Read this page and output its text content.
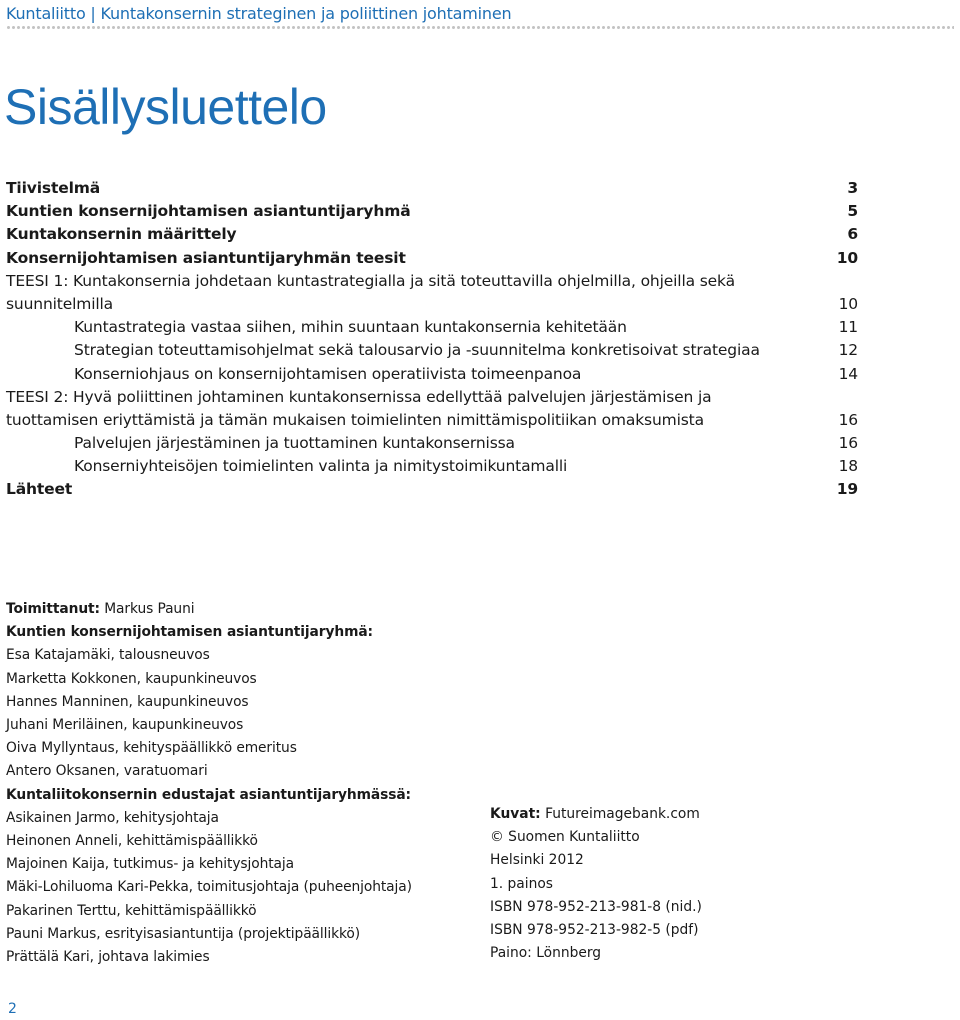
Kuntaliitto | Kuntakonsernin strateginen ja poliittinen johtaminen
Sisällysluettelo
Tiivistelmä	3
Kuntien konsernijohtamisen asiantuntijaryhmä	5
Kuntakonsernin määrittely	6
Konsernijohtamisen asiantuntijaryhmän teesit	10
TEESI 1: Kuntakonsernia johdetaan kuntastrategialla ja sitä toteuttavilla ohjelmilla, ohjeilla sekä suunnitelmilla	10
Kuntastrategia vastaa siihen, mihin suuntaan kuntakonsernia kehitetään	11
Strategian toteuttamisohjelmat sekä talousarvio ja -suunnitelma konkretisoivat strategiaa	12
Konserniohjaus on konsernijohtamisen operatiivista toimeenpanoa	14
TEESI 2: Hyvä poliittinen johtaminen kuntakonsernissa edellyttää palvelujen järjestämisen ja tuottamisen eriyttämistä ja tämän mukaisen toimielinten nimittämispolitiikan omaksumista	16
Palvelujen järjestäminen ja tuottaminen kuntakonsernissa	16
Konserniyhteisöjen toimielinten valinta ja nimitystoimikuntamalli	18
Lähteet	19
Toimittanut: Markus Pauni
Kuntien konsernijohtamisen asiantuntijaryhmä:
Esa Katajamäki, talousneuvos
Marketta Kokkonen, kaupunkineuvos
Hannes Manninen, kaupunkineuvos
Juhani Meriläinen, kaupunkineuvos
Oiva Myllyntaus, kehityspäällikkö emeritus
Antero Oksanen, varatuomari
Kuntaliitokonsernin edustajat asiantuntijaryhmässä:
Asikainen Jarmo, kehitysjohtaja
Heinonen Anneli, kehittämispäällikkö
Majoinen Kaija, tutkimus- ja kehitysjohtaja
Mäki-Lohiluoma Kari-Pekka, toimitusjohtaja (puheenjohtaja)
Pakarinen Terttu, kehittämispäällikkö
Pauni Markus, esrityisasiantuntija (projektipäällikkö)
Prättälä Kari, johtava lakimies
Kuvat: Futureimagebank.com
© Suomen Kuntaliitto
Helsinki 2012
1. painos
ISBN 978-952-213-981-8 (nid.)
ISBN 978-952-213-982-5 (pdf)
Paino: Lönnberg
2
